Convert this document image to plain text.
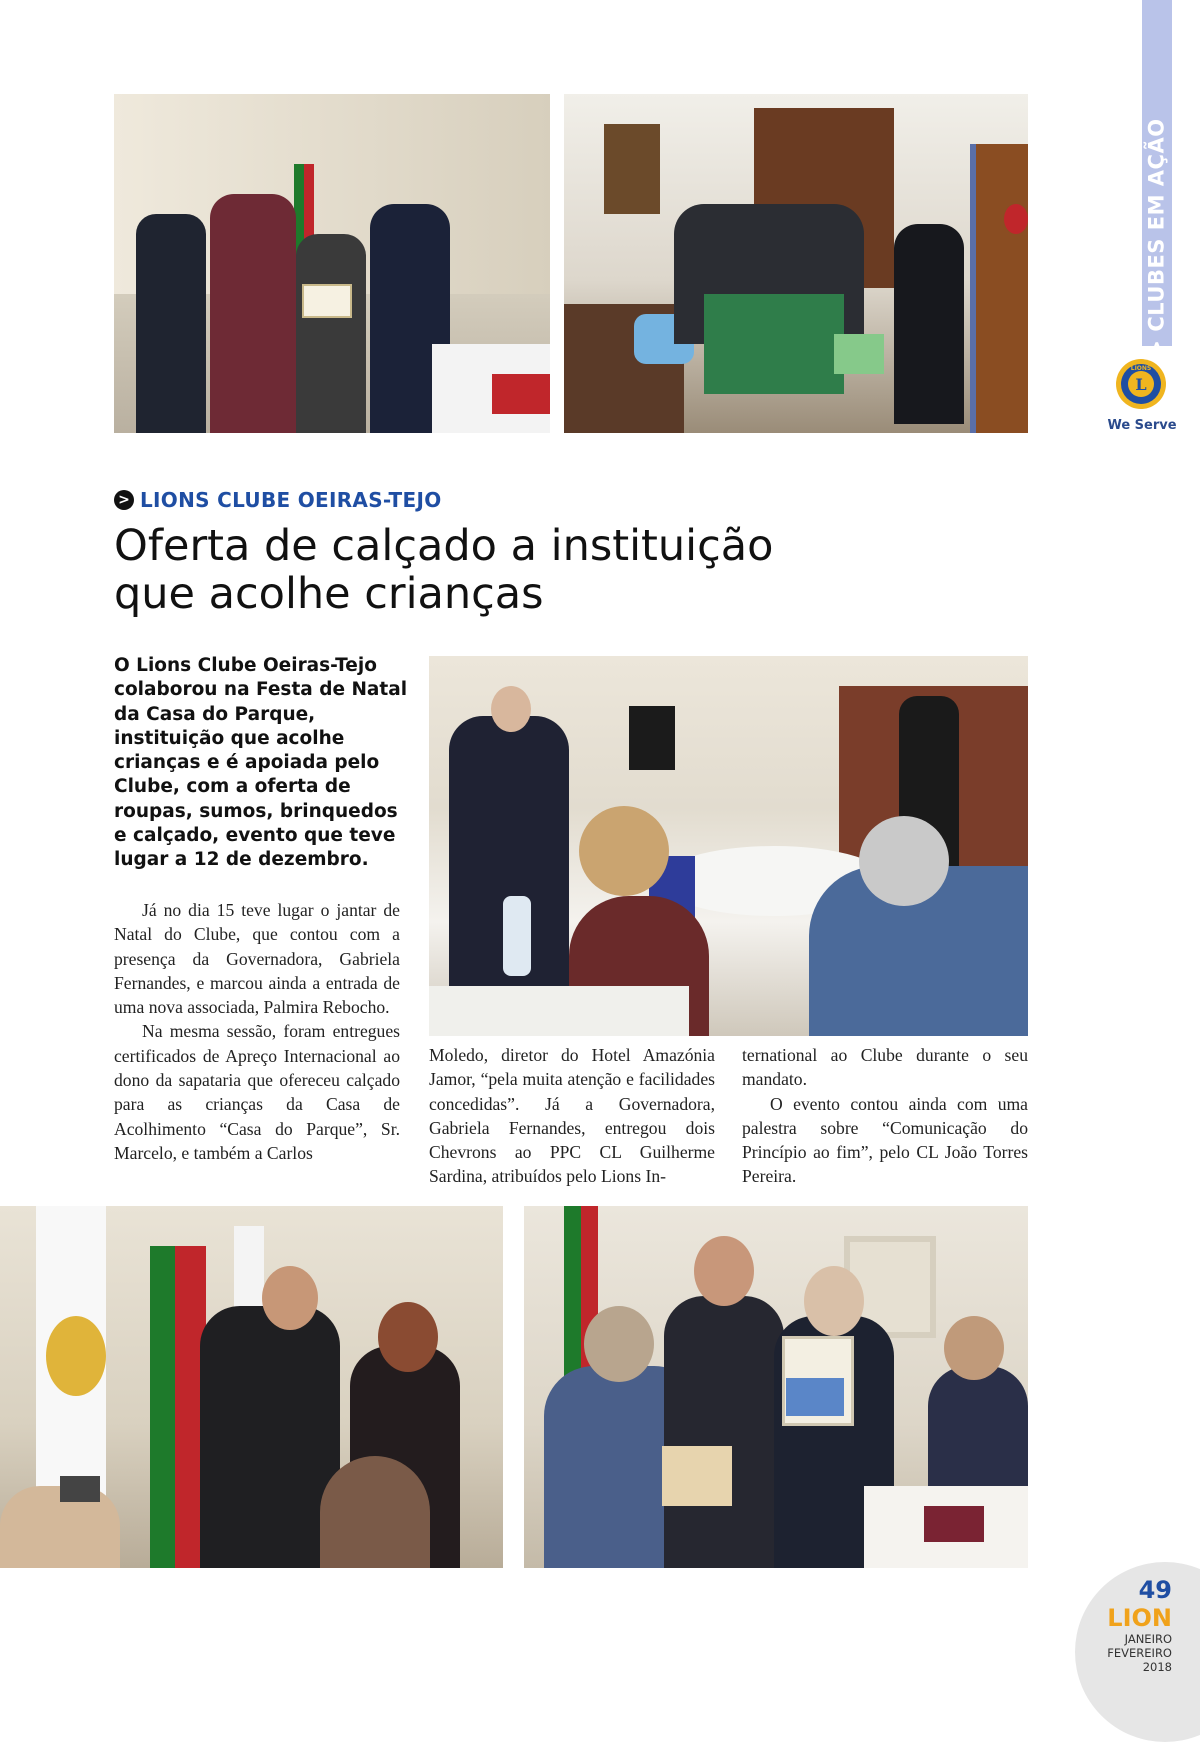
> CLUBES EM AÇÃO
L
LIONS
We Serve
> LIONS CLUBE OEIRAS-TEJO
Oferta de calçado a instituição
que acolhe crianças

O Lions Clube Oeiras-Tejo colaborou na Festa de Natal da Casa do Parque, instituição que acolhe crianças e é apoiada pelo Clube, com a oferta de roupas, sumos, brinquedos e calçado, evento que teve lugar a 12 de dezembro.

Já no dia 15 teve lugar o jantar de Natal do Clube, que contou com a presença da Governadora, Gabriela Fernandes, e marcou ainda a entrada de uma nova associada, Palmira Rebocho.

Na mesma sessão, foram entregues certificados de Apreço Internacional ao dono da sapataria que ofereceu calçado para as crianças da Casa de Acolhimento “Casa do Parque”, Sr. Marcelo, e também a Carlos

Moledo, diretor do Hotel Amazónia Jamor, “pela muita atenção e facilidades concedidas”. Já a Governadora, Gabriela Fernandes, entregou dois Chevrons ao PPC CL Guilherme Sardina, atribuídos pelo Lions In-

ternational ao Clube durante o seu mandato.

O evento contou ainda com uma palestra sobre “Comunicação do Princípio ao fim”, pelo CL João Torres Pereira.

49
LION
JANEIRO
FEVEREIRO
2018
